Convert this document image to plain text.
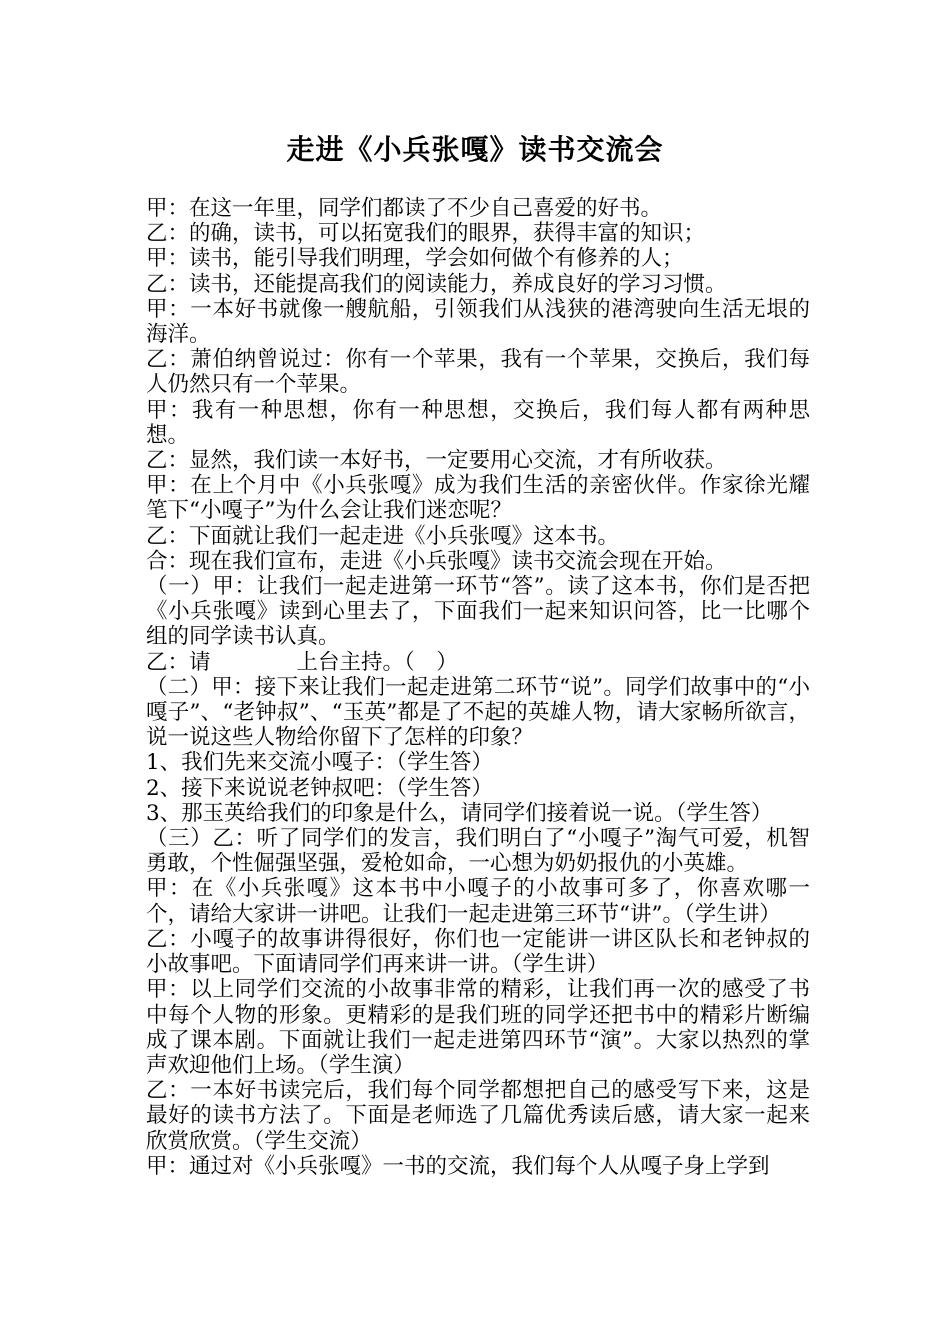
走进《小兵张嘎》读书交流会

甲：在这一年里，同学们都读了不少自己喜爱的好书。

乙：的确，读书，可以拓宽我们的眼界，获得丰富的知识；

甲：读书，能引导我们明理，学会如何做个有修养的人；

乙：读书，还能提高我们的阅读能力，养成良好的学习习惯。

甲：一本好书就像一艘航船，引领我们从浅狭的港湾驶向生活无垠的海洋。

乙：萧伯纳曾说过：你有一个苹果，我有一个苹果，交换后，我们每人仍然只有一个苹果。

甲：我有一种思想，你有一种思想，交换后，我们每人都有两种思想。

乙：显然，我们读一本好书，一定要用心交流，才有所收获。

甲：在上个月中《小兵张嘎》成为我们生活的亲密伙伴。作家徐光耀笔下“小嘎子”为什么会让我们迷恋呢？

乙：下面就让我们一起走进《小兵张嘎》这本书。

合：现在我们宣布，走进《小兵张嘎》读书交流会现在开始。

（一）甲：让我们一起走进第一环节“答”。读了这本书，你们是否把《小兵张嘎》读到心里去了，下面我们一起来知识问答，比一比哪个组的同学读书认真。

乙：请　　　　上台主持。（　）

（二）甲：接下来让我们一起走进第二环节“说”。同学们故事中的“小嘎子”、“老钟叔”、“玉英”都是了不起的英雄人物，请大家畅所欲言，说一说这些人物给你留下了怎样的印象？

1、我们先来交流小嘎子：（学生答）

2、接下来说说老钟叔吧：（学生答）

3、那玉英给我们的印象是什么，请同学们接着说一说。（学生答）

（三）乙：听了同学们的发言，我们明白了“小嘎子”淘气可爱，机智勇敢，个性倔强坚强，爱枪如命，一心想为奶奶报仇的小英雄。

甲：在《小兵张嘎》这本书中小嘎子的小故事可多了，你喜欢哪一个，请给大家讲一讲吧。让我们一起走进第三环节“讲”。（学生讲）

乙：小嘎子的故事讲得很好，你们也一定能讲一讲区队长和老钟叔的小故事吧。下面请同学们再来讲一讲。（学生讲）

甲：以上同学们交流的小故事非常的精彩，让我们再一次的感受了书中每个人物的形象。更精彩的是我们班的同学还把书中的精彩片断编成了课本剧。下面就让我们一起走进第四环节“演”。大家以热烈的掌声欢迎他们上场。（学生演）

乙：一本好书读完后，我们每个同学都想把自己的感受写下来，这是最好的读书方法了。下面是老师选了几篇优秀读后感，请大家一起来欣赏欣赏。（学生交流）

甲：通过对《小兵张嘎》一书的交流，我们每个人从嘎子身上学到
